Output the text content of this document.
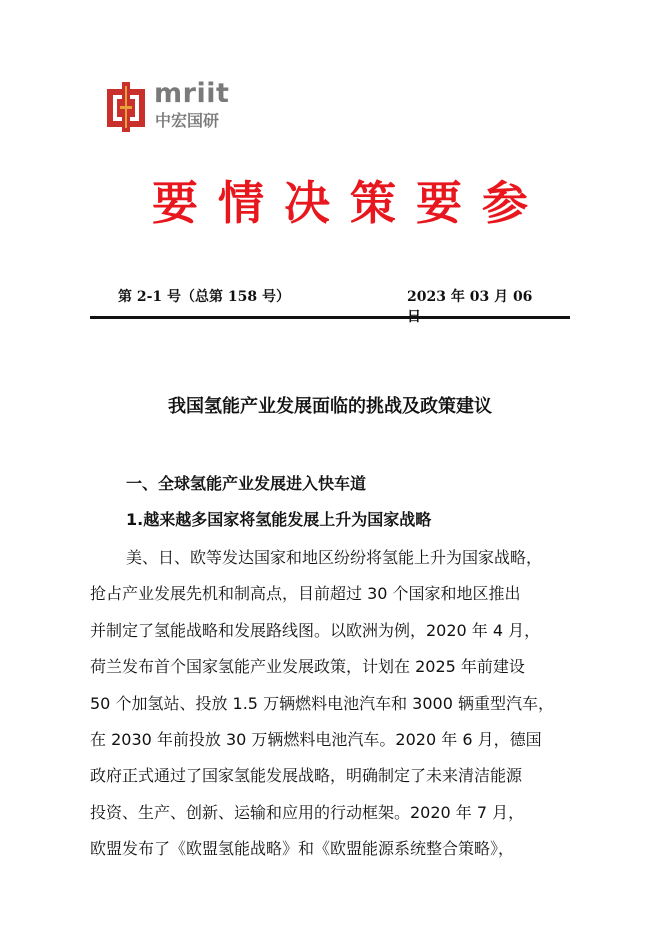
mriit
中宏国研
要情决策要参
第 2-1 号（总第 158 号）	2023 年 03 月 06
我国氢能产业发展面临的挑战及政策建议
一、全球氢能产业发展进入快车道
1.越来越多国家将氢能发展上升为国家战略
美、日、欧等发达国家和地区纷纷将氢能上升为国家战略，
抢占产业发展先机和制高点，目前超过 30 个国家和地区推出
并制定了氢能战略和发展路线图。以欧洲为例，2020 年 4 月，
荷兰发布首个国家氢能产业发展政策，计划在 2025 年前建设
50 个加氢站、投放 1.5 万辆燃料电池汽车和 3000 辆重型汽车，
在 2030 年前投放 30 万辆燃料电池汽车。2020 年 6 月，德国
政府正式通过了国家氢能发展战略，明确制定了未来清洁能源
投资、生产、创新、运输和应用的行动框架。2020 年 7 月，
欧盟发布了《欧盟氢能战略》和《欧盟能源系统整合策略》，
